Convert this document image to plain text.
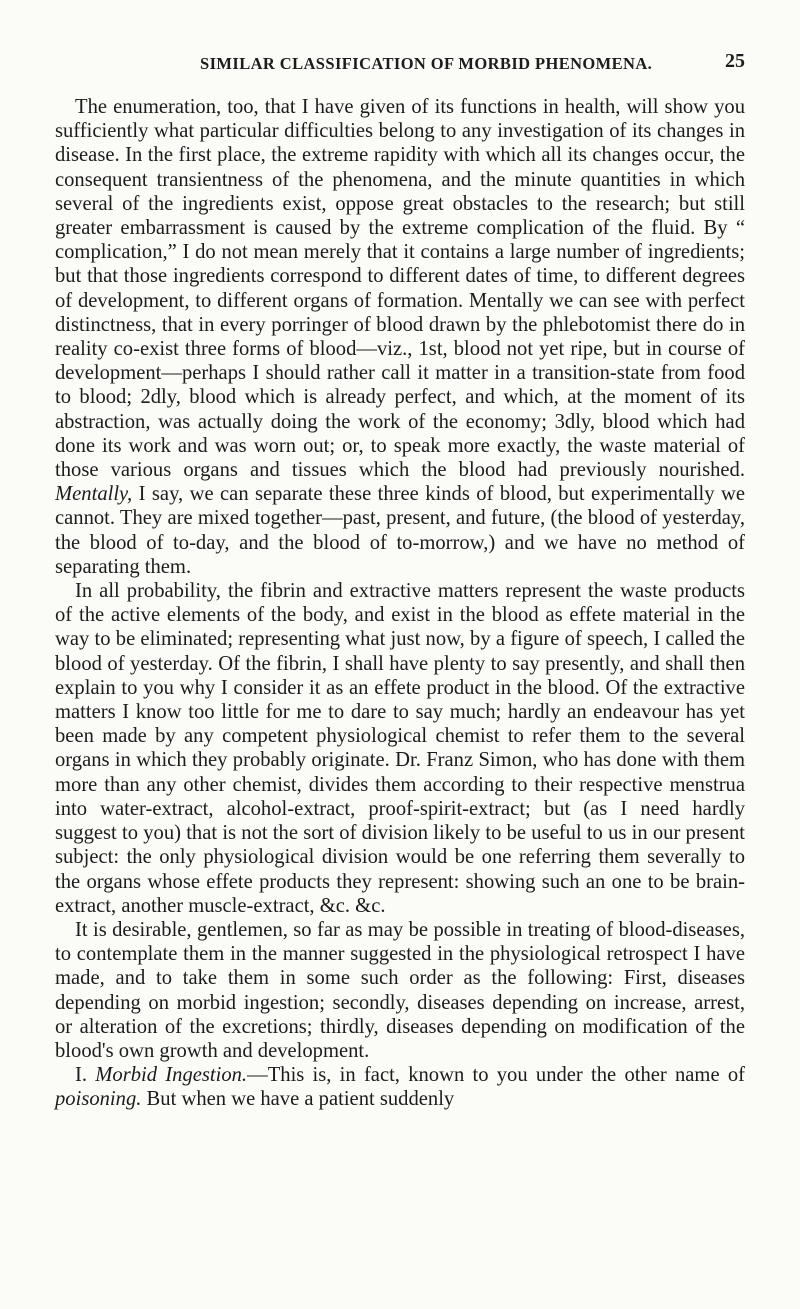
SIMILAR CLASSIFICATION OF MORBID PHENOMENA.	25

The enumeration, too, that I have given of its functions in health, will show you sufficiently what particular difficulties belong to any investigation of its changes in disease. In the first place, the extreme rapidity with which all its changes occur, the consequent transientness of the phenomena, and the minute quantities in which several of the ingredients exist, oppose great obstacles to the research; but still greater embarrassment is caused by the extreme complication of the fluid. By “ complication,” I do not mean merely that it contains a large number of ingredients; but that those ingredients correspond to different dates of time, to different degrees of development, to different organs of formation. Mentally we can see with perfect distinctness, that in every porringer of blood drawn by the phlebotomist there do in reality co-exist three forms of blood—viz., 1st, blood not yet ripe, but in course of development—perhaps I should rather call it matter in a transition-state from food to blood; 2dly, blood which is already perfect, and which, at the moment of its abstraction, was actually doing the work of the economy; 3dly, blood which had done its work and was worn out; or, to speak more exactly, the waste material of those various organs and tissues which the blood had previously nourished. Mentally, I say, we can separate these three kinds of blood, but experimentally we cannot. They are mixed together—past, present, and future, (the blood of yesterday, the blood of to-day, and the blood of to-morrow,) and we have no method of separating them.

In all probability, the fibrin and extractive matters represent the waste products of the active elements of the body, and exist in the blood as effete material in the way to be eliminated; representing what just now, by a figure of speech, I called the blood of yesterday. Of the fibrin, I shall have plenty to say presently, and shall then explain to you why I consider it as an effete product in the blood. Of the extractive matters I know too little for me to dare to say much; hardly an endeavour has yet been made by any competent physiological chemist to refer them to the several organs in which they probably originate. Dr. Franz Simon, who has done with them more than any other chemist, divides them according to their respective menstrua into water-extract, alcohol-extract, proof-spirit-extract; but (as I need hardly suggest to you) that is not the sort of division likely to be useful to us in our present subject: the only physiological division would be one referring them severally to the organs whose effete products they represent: showing such an one to be brain-extract, another muscle-extract, &c. &c.

It is desirable, gentlemen, so far as may be possible in treating of blood-diseases, to contemplate them in the manner suggested in the physiological retrospect I have made, and to take them in some such order as the following: First, diseases depending on morbid ingestion; secondly, diseases depending on increase, arrest, or alteration of the excretions; thirdly, diseases depending on modification of the blood's own growth and development.

I. Morbid Ingestion.—This is, in fact, known to you under the other name of poisoning. But when we have a patient suddenly
